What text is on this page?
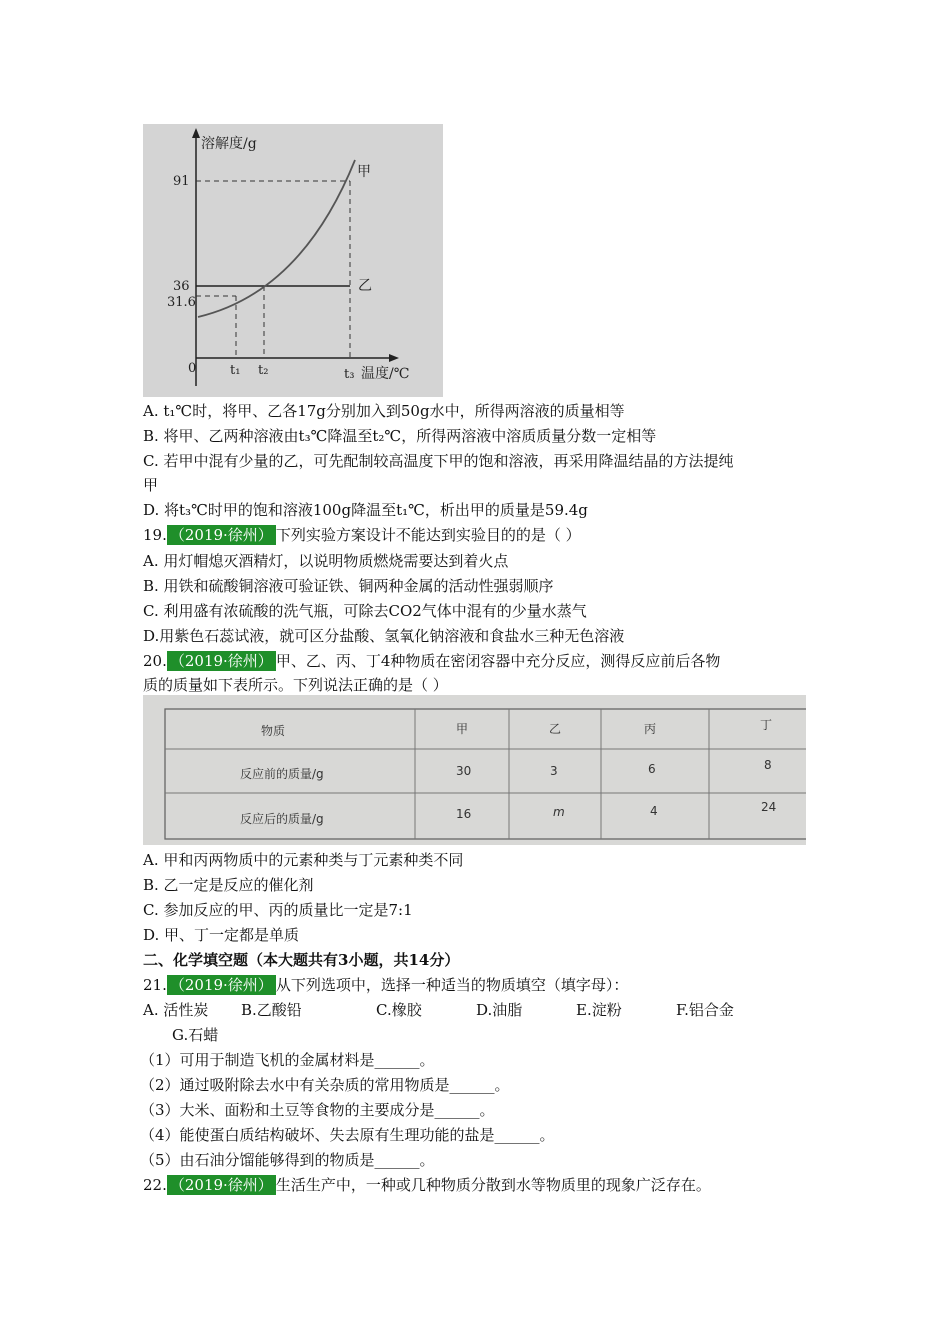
溶解度/g
温度/℃
0
91
36
31.6
甲
乙
t₁ t₂	t₃
A. t₁℃时，将甲、乙各17g分别加入到50g水中，所得两溶液的质量相等
B. 将甲、乙两种溶液由t₃℃降温至t₂℃，所得两溶液中溶质质量分数一定相等
C. 若甲中混有少量的乙，可先配制较高温度下甲的饱和溶液，再采用降温结晶的方法提纯
甲
D. 将t₃℃时甲的饱和溶液100g降温至t₁℃，析出甲的质量是59.4g
19. （2019·徐州） 下列实验方案设计不能达到实验目的的是（ ）
A. 用灯帽熄灭酒精灯，以说明物质燃烧需要达到着火点
B. 用铁和硫酸铜溶液可验证铁、铜两种金属的活动性强弱顺序
C. 利用盛有浓硫酸的洗气瓶，可除去CO2气体中混有的少量水蒸气
D.用紫色石蕊试液，就可区分盐酸、氢氧化钠溶液和食盐水三种无色溶液
20. （2019·徐州） 甲、乙、丙、丁4种物质在密闭容器中充分反应，测得反应前后各物
质的质量如下表所示。下列说法正确的是（ ）
物质	甲	乙	丙	丁
反应前的质量/g	30	3	6	8
反应后的质量/g	16	m	4	24
A. 甲和丙两物质中的元素种类与丁元素种类不同
B. 乙一定是反应的催化剂
C. 参加反应的甲、丙的质量比一定是7:1
D. 甲、丁一定都是单质
二、化学填空题（本大题共有3小题，共14分）
21. （2019·徐州） 从下列选项中，选择一种适当的物质填空（填字母）：
A. 活性炭 B.乙酸铅	C.橡胶	D.油脂	E.淀粉	F.铝合金
G.石蜡
（1）可用于制造飞机的金属材料是______。
（2）通过吸附除去水中有关杂质的常用物质是______。
（3）大米、面粉和土豆等食物的主要成分是______。
（4）能使蛋白质结构破坏、失去原有生理功能的盐是______。
（5）由石油分馏能够得到的物质是______。
22. （2019·徐州） 生活生产中，一种或几种物质分散到水等物质里的现象广泛存在。
